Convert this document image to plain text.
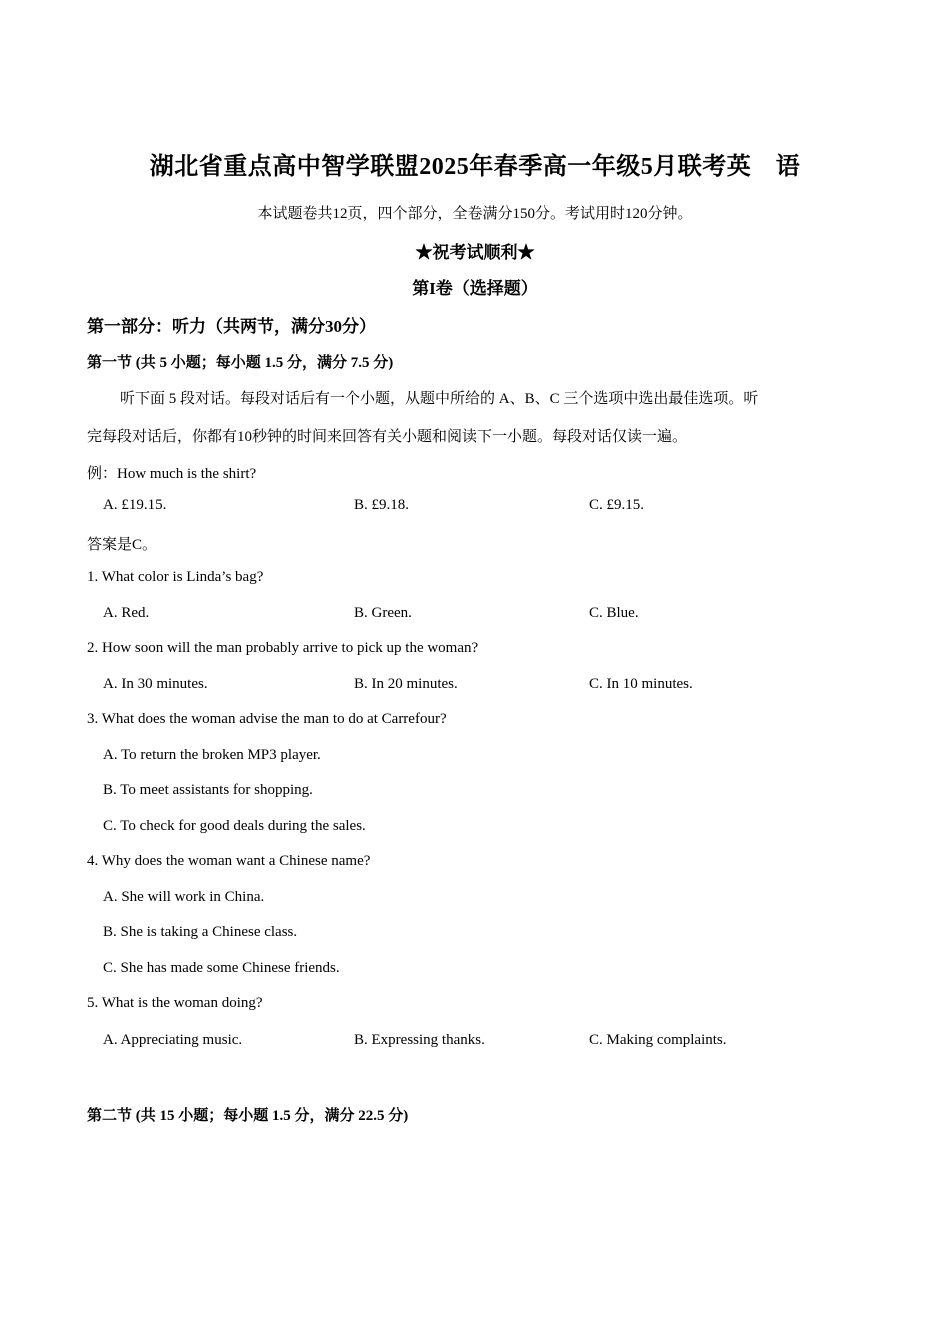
湖北省重点高中智学联盟2025年春季高一年级5月联考英　语
本试题卷共12页，四个部分，全卷满分150分。考试用时120分钟。
★祝考试顺利★
第I卷（选择题）
第一部分：听力（共两节，满分30分）
第一节 (共 5 小题；每小题 1.5 分，满分 7.5 分)
听下面 5 段对话。每段对话后有一个小题，从题中所给的 A、B、C 三个选项中选出最佳选项。听
完每段对话后，你都有10秒钟的时间来回答有关小题和阅读下一小题。每段对话仅读一遍。
例：How much is the shirt?
A. £19.15.	B. £9.18.	C. £9.15.
答案是C。
1. What color is Linda’s bag?
A. Red.	B. Green.	C. Blue.
2. How soon will the man probably arrive to pick up the woman?
A. In 30 minutes.	B. In 20 minutes.	C. In 10 minutes.
3. What does the woman advise the man to do at Carrefour?
A. To return the broken MP3 player.
B. To meet assistants for shopping.
C. To check for good deals during the sales.
4. Why does the woman want a Chinese name?
A. She will work in China.
B. She is taking a Chinese class.
C. She has made some Chinese friends.
5. What is the woman doing?
A. Appreciating music.	B. Expressing thanks.	C. Making complaints.
第二节 (共 15 小题；每小题 1.5 分，满分 22.5 分)
